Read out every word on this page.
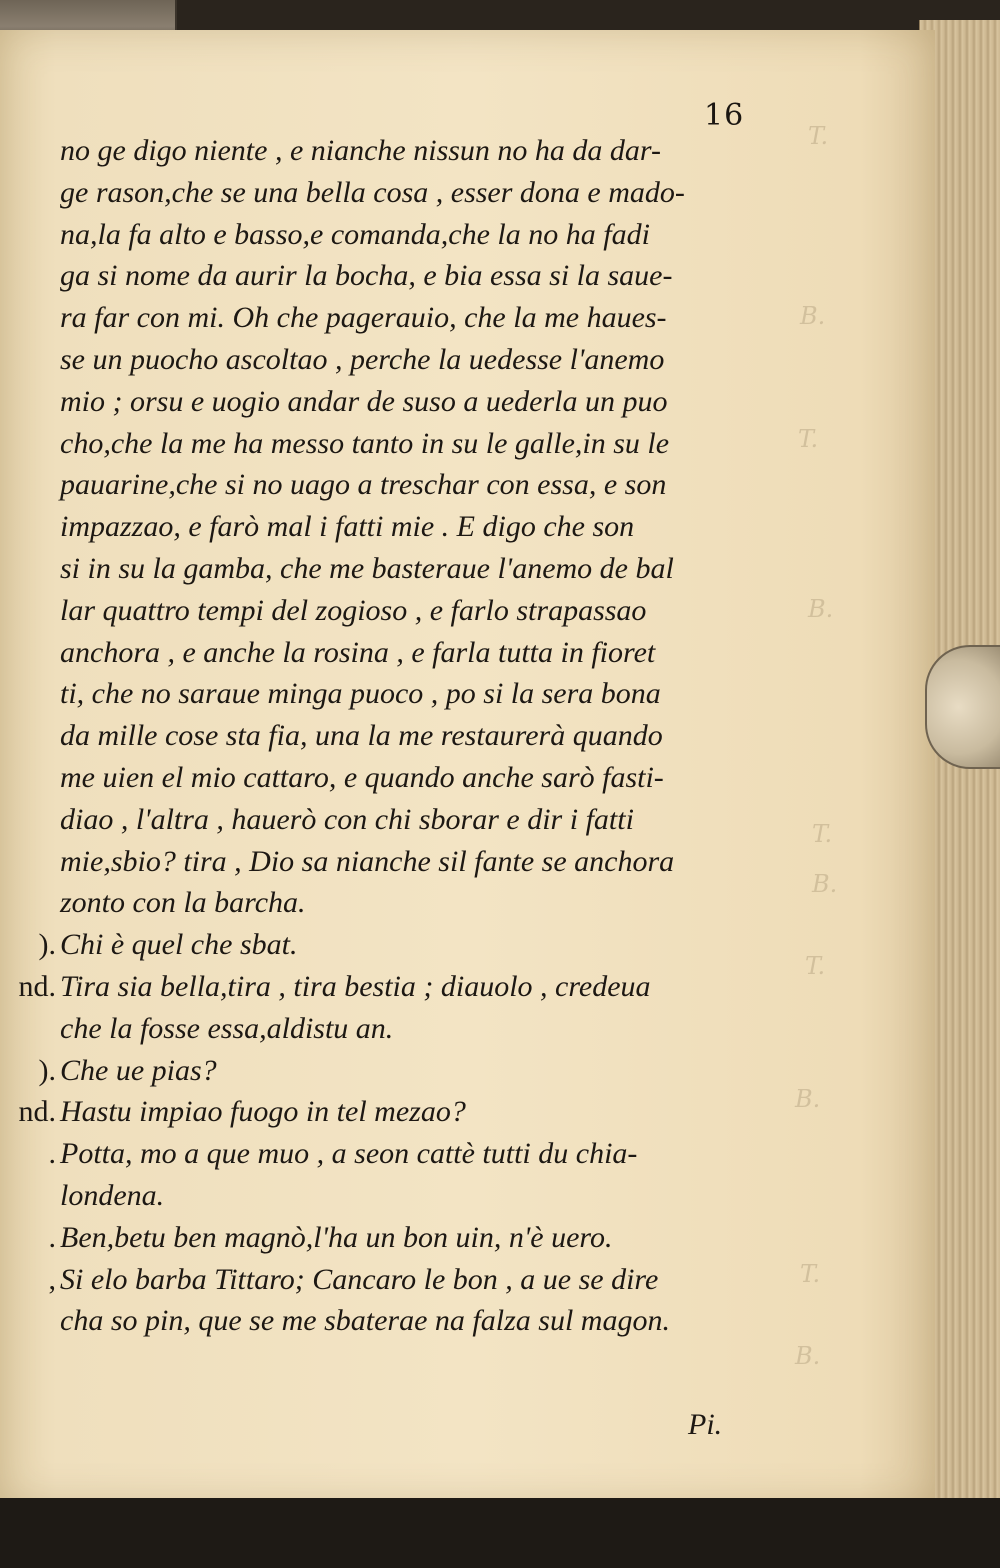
T.
B.
T.
B.
T.
B.
T.
B.
T.
B.
16
no ge digo niente , e nianche nissun no ha da dar-
ge rason,che se una bella cosa , esser dona e mado-
na,la fa alto e basso,e comanda,che la no ha fadi
ga si nome da aurir la bocha, e bia essa si la saue-
ra far con mi. Oh che pagerauio, che la me haues-
se un puocho ascoltao , perche la uedesse l'anemo
mio ; orsu e uogio andar de suso a uederla un puo
cho,che la me ha messo tanto in su le galle,in su le
pauarine,che si no uago a treschar con essa, e son
impazzao, e farò mal i fatti mie . E digo che son
si in su la gamba, che me basteraue l'anemo de bal
lar quattro tempi del zogioso , e farlo strapassao
anchora , e anche la rosina , e farla tutta in fioret
ti, che no saraue minga puoco , po si la sera bona
da mille cose sta fia, una la me restaurerà quando
me uien el mio cattaro, e quando anche sarò fasti-
diao , l'altra , hauerò con chi sborar e dir i fatti
mie,sbio? tira , Dio sa nianche sil fante se anchora
zonto con la barcha.
). Chi è quel che sbat.
nd. Tira sia bella,tira , tira bestia ; diauolo , credeua
che la fosse essa,aldistu an.
). Che ue pias?
nd. Hastu impiao fuogo in tel mezao?
. Potta, mo a que muo , a seon cattè tutti du chia-
londena.
. Ben,betu ben magnò,l'ha un bon uin, n'è uero.
, Si elo barba Tittaro; Cancaro le bon , a ue se dire
cha so pin, que se me sbaterae na falza sul magon.
Pi.
